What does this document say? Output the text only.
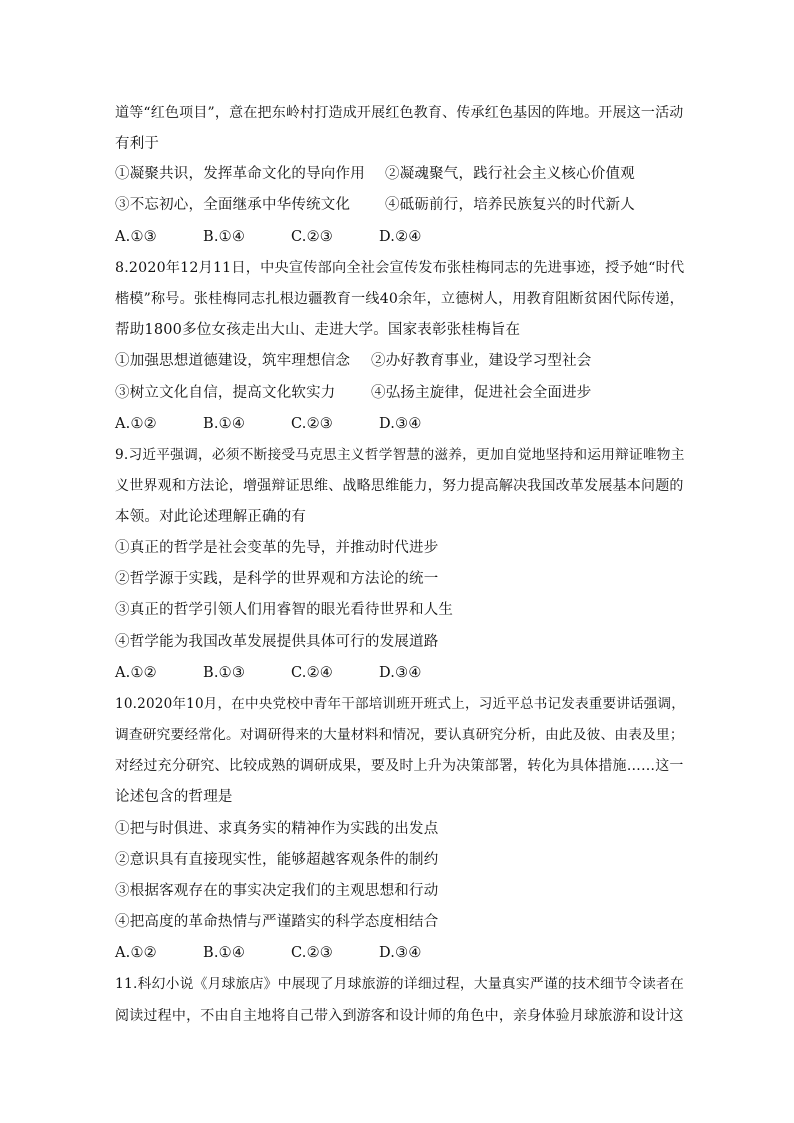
道等“红色项目”，意在把东岭村打造成开展红色教育、传承红色基因的阵地。开展这一活动
有利于
①凝聚共识，发挥革命文化的导向作用 ②凝魂聚气，践行社会主义核心价值观
③不忘初心，全面继承中华传统文化 ④砥砺前行，培养民族复兴的时代新人
A.①③	B.①④	C.②③	D.②④
8.2020年12月11日，中央宣传部向全社会宣传发布张桂梅同志的先进事迹，授予她“时代
楷模”称号。张桂梅同志扎根边疆教育一线40余年，立德树人，用教育阻断贫困代际传递，
帮助1800多位女孩走出大山、走进大学。国家表彰张桂梅旨在
①加强思想道德建设，筑牢理想信念 ②办好教育事业，建设学习型社会
③树立文化自信，提高文化软实力 ④弘扬主旋律，促进社会全面进步
A.①②	B.①④	C.②③	D.③④
9.习近平强调，必须不断接受马克思主义哲学智慧的滋养，更加自觉地坚持和运用辩证唯物主
义世界观和方法论，增强辩证思维、战略思维能力，努力提高解决我国改革发展基本问题的
本领。对此论述理解正确的有
①真正的哲学是社会变革的先导，并推动时代进步
②哲学源于实践，是科学的世界观和方法论的统一
③真正的哲学引领人们用睿智的眼光看待世界和人生
④哲学能为我国改革发展提供具体可行的发展道路
A.①②	B.①③	C.②④	D.③④
10.2020年10月，在中央党校中青年干部培训班开班式上，习近平总书记发表重要讲话强调，
调查研究要经常化。对调研得来的大量材料和情况，要认真研究分析，由此及彼、由表及里；
对经过充分研究、比较成熟的调研成果，要及时上升为决策部署，转化为具体措施……这一
论述包含的哲理是
①把与时俱进、求真务实的精神作为实践的出发点
②意识具有直接现实性，能够超越客观条件的制约
③根据客观存在的事实决定我们的主观思想和行动
④把高度的革命热情与严谨踏实的科学态度相结合
A.①②	B.①④	C.②③	D.③④
11.科幻小说《月球旅店》中展现了月球旅游的详细过程，大量真实严谨的技术细节令读者在
阅读过程中，不由自主地将自己带入到游客和设计师的角色中，亲身体验月球旅游和设计这
